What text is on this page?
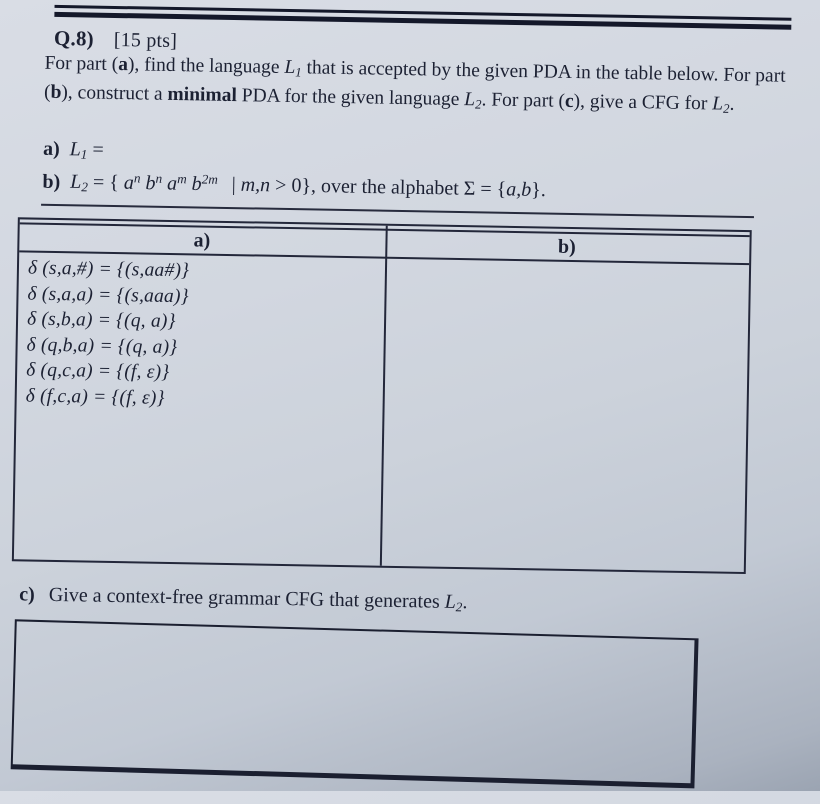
Q.8) [15 pts]
For part (a), find the language $L_1$ that is accepted by the given PDA in the table below. For part (b), construct a minimal PDA for the given language $L_2$. For part (c), give a CFG for $L_2$.
a) $L_1$ =
b) $L_2$ = { $a^n$ $b^n$ $a^m$ $b^{2m}$ | m,n > 0}, over the alphabet Σ = {a,b}.
a)	b)
δ (s,a,#) = {(s,aa#)}
δ (s,a,a) = {(s,aaa)}
δ (s,b,a) = {(q, a)}
δ (q,b,a) = {(q, a)}
δ (q,c,a) = {(f, ε)}
δ (f,c,a) = {(f, ε)}
c) Give a context-free grammar CFG that generates $L_2$.
